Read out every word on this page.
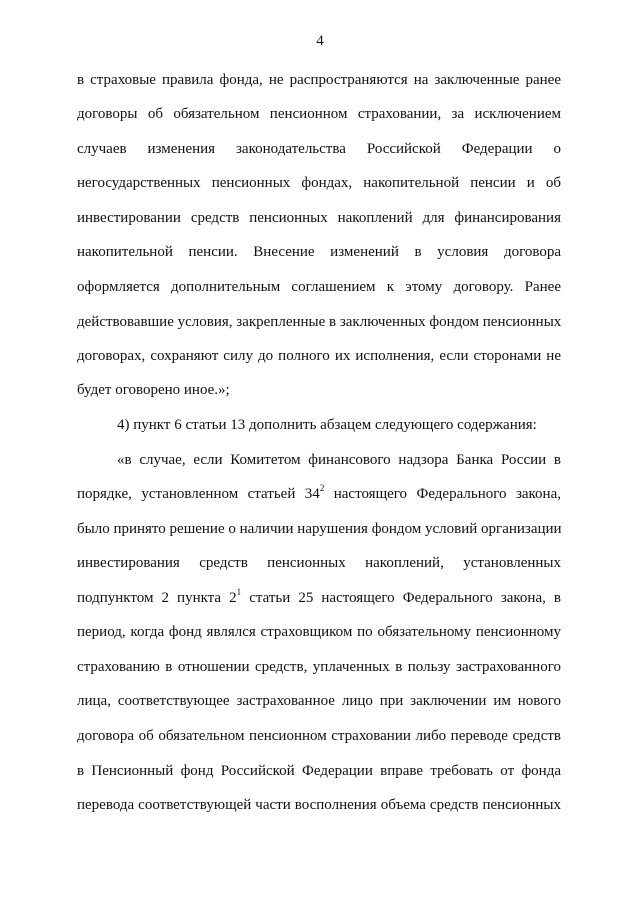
4
в страховые правила фонда, не распространяются на заключенные ранее
договоры об обязательном пенсионном страховании, за исключением
случаев изменения законодательства Российской Федерации о
негосударственных пенсионных фондах, накопительной пенсии и об
инвестировании средств пенсионных накоплений для финансирования
накопительной пенсии. Внесение изменений в условия договора
оформляется дополнительным соглашением к этому договору. Ранее
действовавшие условия, закрепленные в заключенных фондом пенсионных
договорах, сохраняют силу до полного их исполнения, если сторонами не
будет оговорено иное.»;
4) пункт 6 статьи 13 дополнить абзацем следующего содержания:
«в случае, если Комитетом финансового надзора Банка России в
порядке, установленном статьей $34^2$ настоящего Федерального закона,
было принято решение о наличии нарушения фондом условий организации
инвестирования средств пенсионных накоплений, установленных
подпунктом 2 пункта $2^1$ статьи 25 настоящего Федерального закона, в
период, когда фонд являлся страховщиком по обязательному пенсионному
страхованию в отношении средств, уплаченных в пользу застрахованного
лица, соответствующее застрахованное лицо при заключении им нового
договора об обязательном пенсионном страховании либо переводе средств
в Пенсионный фонд Российской Федерации вправе требовать от фонда
перевода соответствующей части восполнения объема средств пенсионных
